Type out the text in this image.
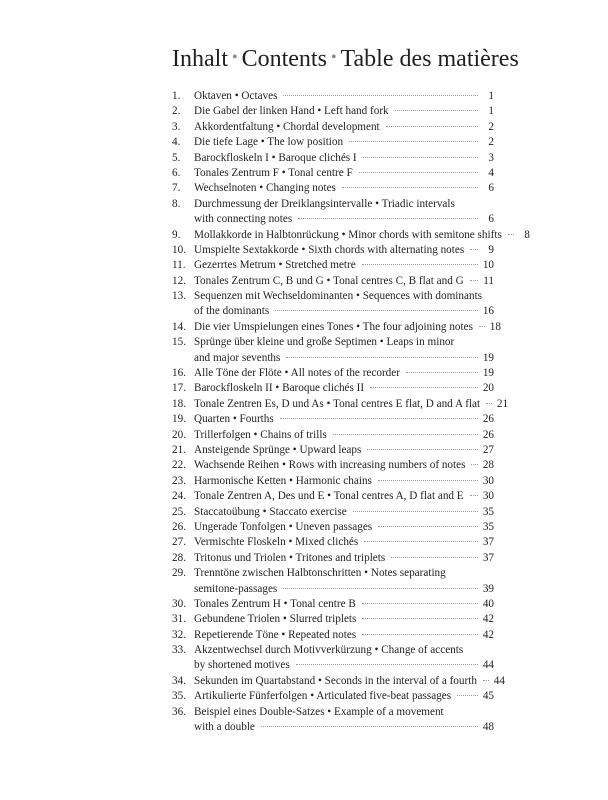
Inhalt • Contents • Table des matières
1.	Oktaven • Octaves	1
2.	Die Gabel der linken Hand • Left hand fork	1
3.	Akkordentfaltung • Chordal development	2
4.	Die tiefe Lage • The low position	2
5.	Barockfloskeln I • Baroque clichés I	3
6.	Tonales Zentrum F • Tonal centre F	4
7.	Wechselnoten • Changing notes	6
8.	Durchmessung der Dreiklangsintervalle • Triadic intervals
with connecting notes	6
9.	Mollakkorde in Halbtonrückung • Minor chords with semitone shifts	8
10. Umspielte Sextakkorde • Sixth chords with alternating notes	9
11. Gezerrtes Metrum • Stretched metre	10
12. Tonales Zentrum C, B und G • Tonal centres C, B flat and G 11
13. Sequenzen mit Wechseldominanten • Sequences with dominants
of the dominants	16
14. Die vier Umspielungen eines Tones • The four adjoining notes 18
15. Sprünge über kleine und große Septimen • Leaps in minor
and major sevenths	19
16. Alle Töne der Flöte • All notes of the recorder	19
17. Barockfloskeln II • Baroque clichés II	20
18. Tonale Zentren Es, D und As • Tonal centres E flat, D and A flat 21
19. Quarten • Fourths	26
20. Trillerfolgen • Chains of trills	26
21. Ansteigende Sprünge • Upward leaps	27
22. Wachsende Reihen • Rows with increasing numbers of notes 28
23. Harmonische Ketten • Harmonic chains	30
24. Tonale Zentren A, Des und E • Tonal centres A, D flat and E 30
25. Staccatoübung • Staccato exercise	35
26. Ungerade Tonfolgen • Uneven passages	35
27. Vermischte Floskeln • Mixed clichés	37
28. Tritonus und Triolen • Tritones and triplets	37
29. Trenntöne zwischen Halbtonschritten • Notes separating
semitone-passages	39
30. Tonales Zentrum H • Tonal centre B	40
31. Gebundene Triolen • Slurred triplets	42
32. Repetierende Töne • Repeated notes	42
33. Akzentwechsel durch Motivverkürzung • Change of accents
by shortened motives	44
34. Sekunden im Quartabstand • Seconds in the interval of a fourth 44
35. Artikulierte Fünferfolgen • Articulated five-beat passages	45
36. Beispiel eines Double-Satzes • Example of a movement
with a double	48
